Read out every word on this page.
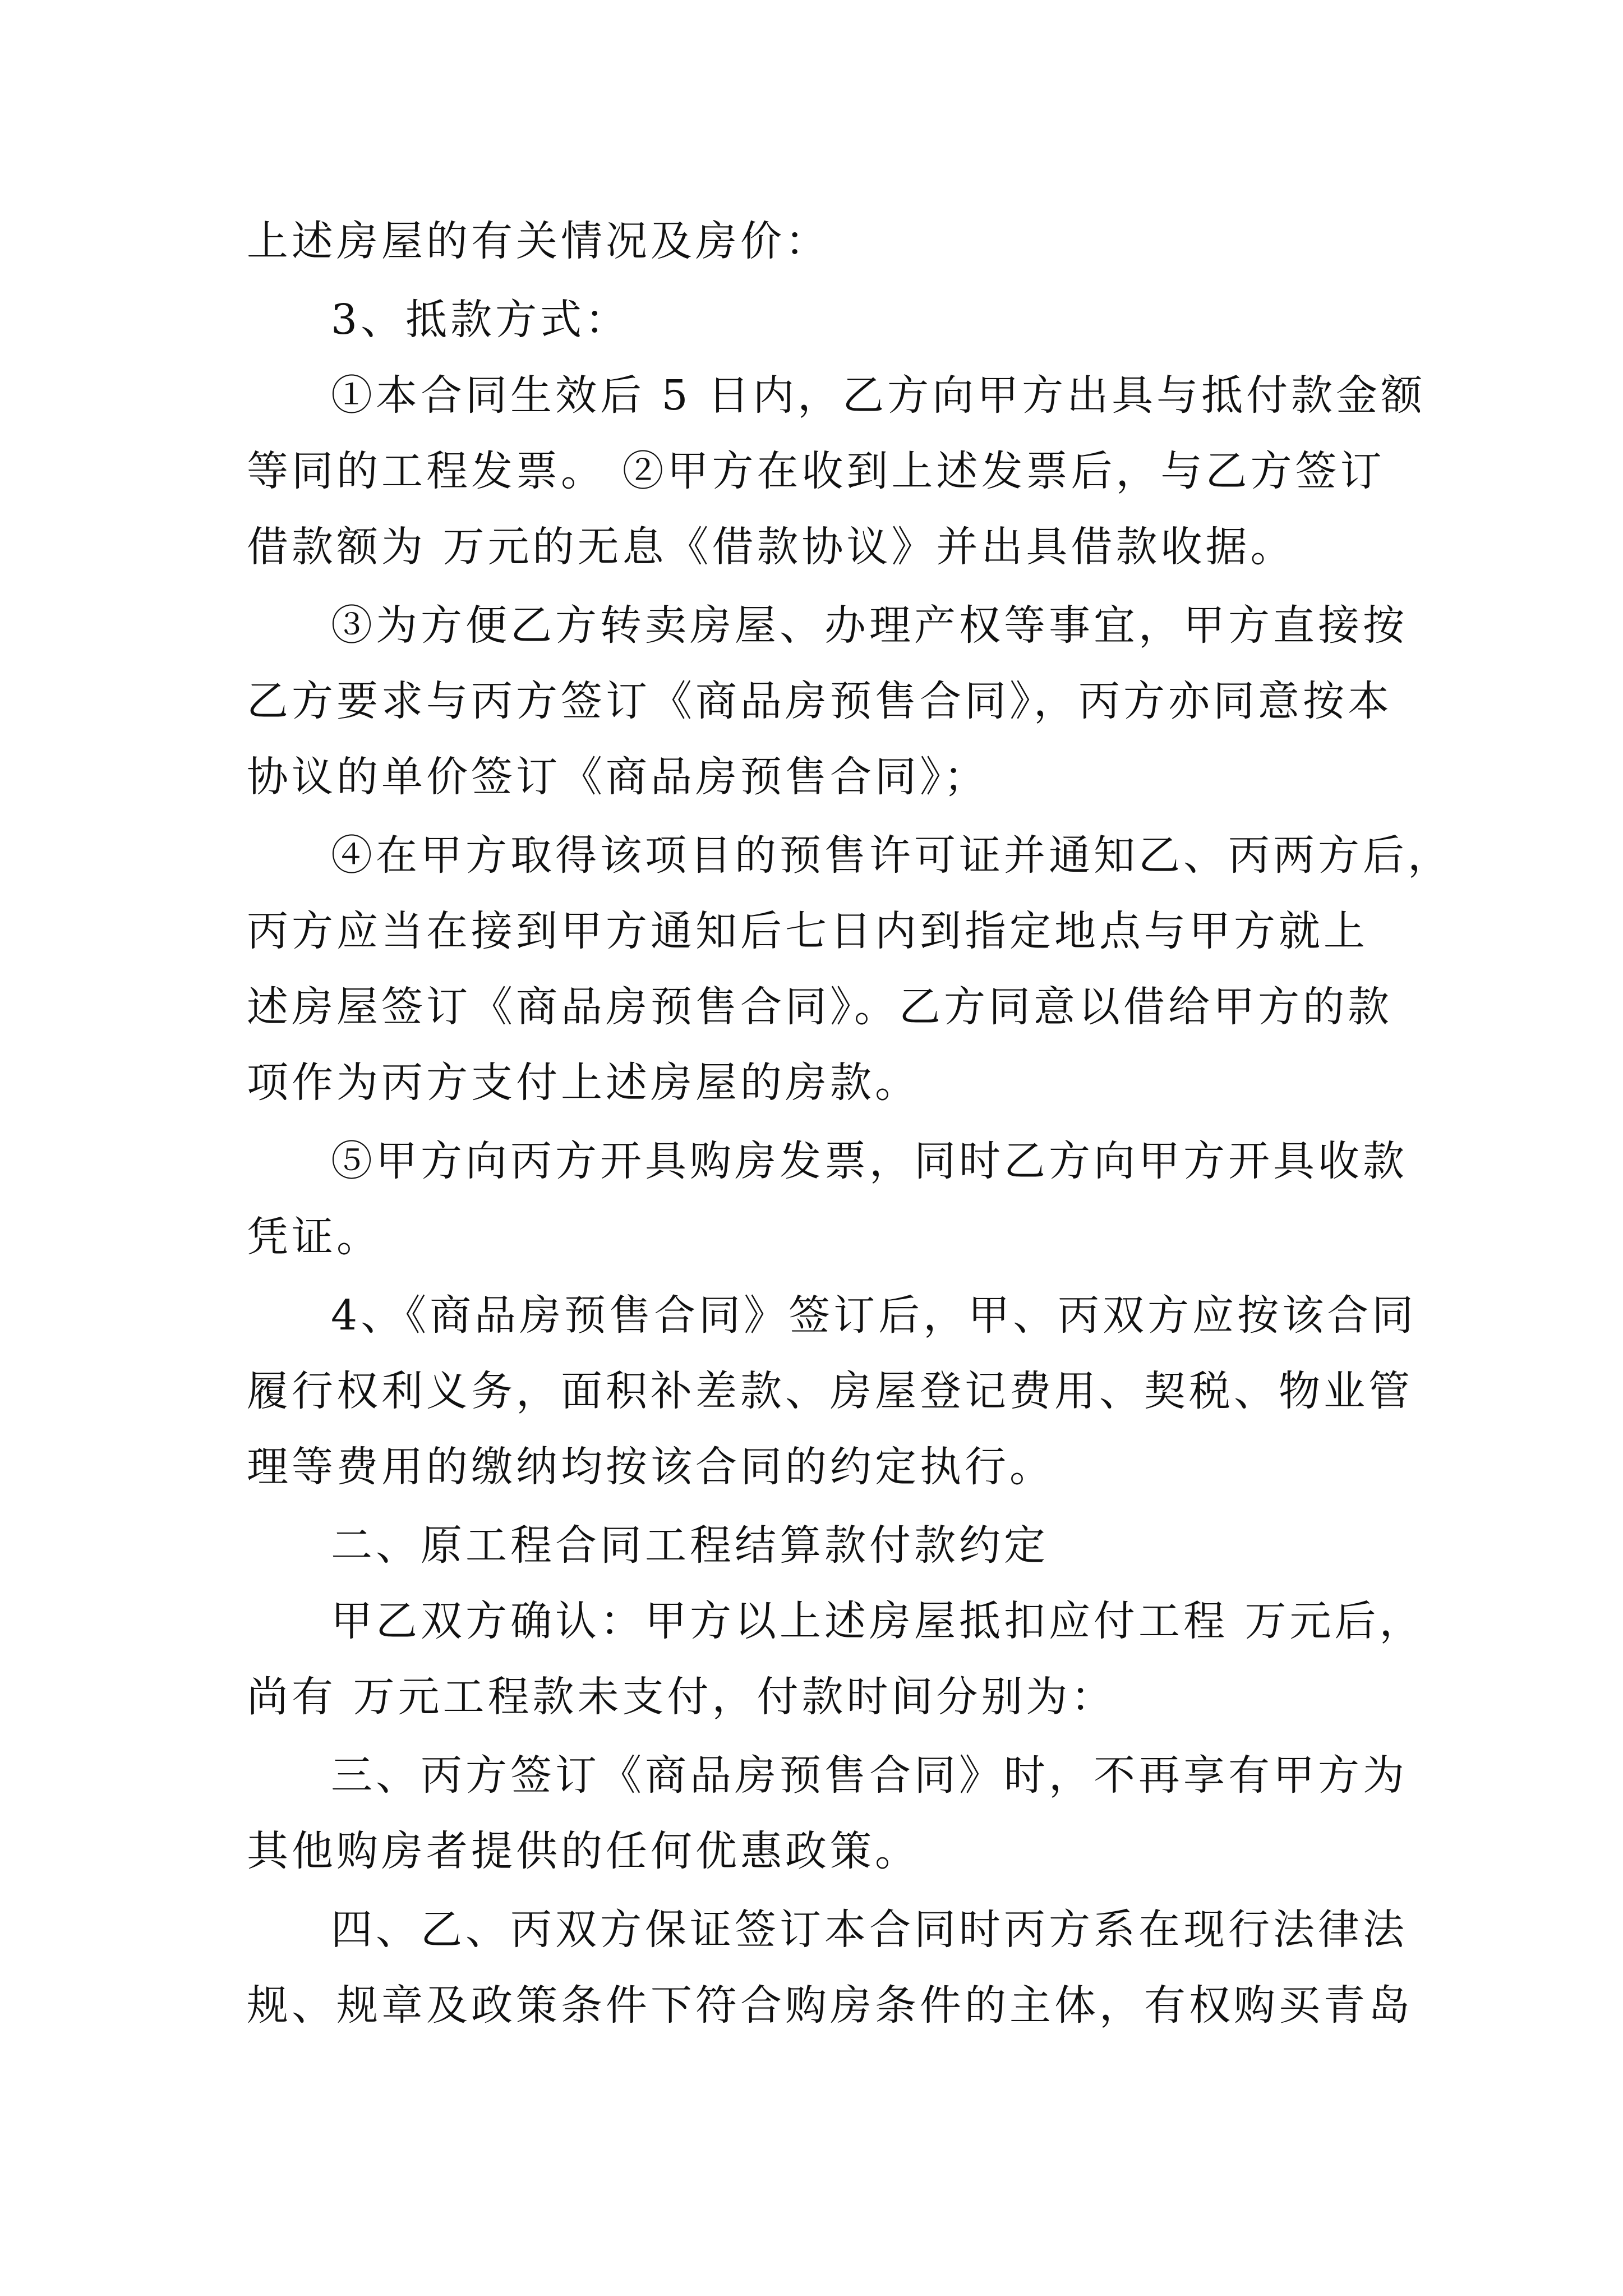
上述房屋的有关情况及房价：
3、抵款方式：
①本合同生效后 5 日内，乙方向甲方出具与抵付款金额
等同的工程发票。 ②甲方在收到上述发票后，与乙方签订
借款额为 万元的无息《借款协议》并出具借款收据。
③为方便乙方转卖房屋、办理产权等事宜，甲方直接按
乙方要求与丙方签订《商品房预售合同》，丙方亦同意按本
协议的单价签订《商品房预售合同》；
④在甲方取得该项目的预售许可证并通知乙、丙两方后，
丙方应当在接到甲方通知后七日内到指定地点与甲方就上
述房屋签订《商品房预售合同》。乙方同意以借给甲方的款
项作为丙方支付上述房屋的房款。
⑤甲方向丙方开具购房发票，同时乙方向甲方开具收款
凭证。
4、《商品房预售合同》签订后，甲、丙双方应按该合同
履行权利义务，面积补差款、房屋登记费用、契税、物业管
理等费用的缴纳均按该合同的约定执行。
二、原工程合同工程结算款付款约定
甲乙双方确认：甲方以上述房屋抵扣应付工程 万元后，
尚有 万元工程款未支付，付款时间分别为：
三、丙方签订《商品房预售合同》时，不再享有甲方为
其他购房者提供的任何优惠政策。
四、乙、丙双方保证签订本合同时丙方系在现行法律法
规、规章及政策条件下符合购房条件的主体，有权购买青岛
